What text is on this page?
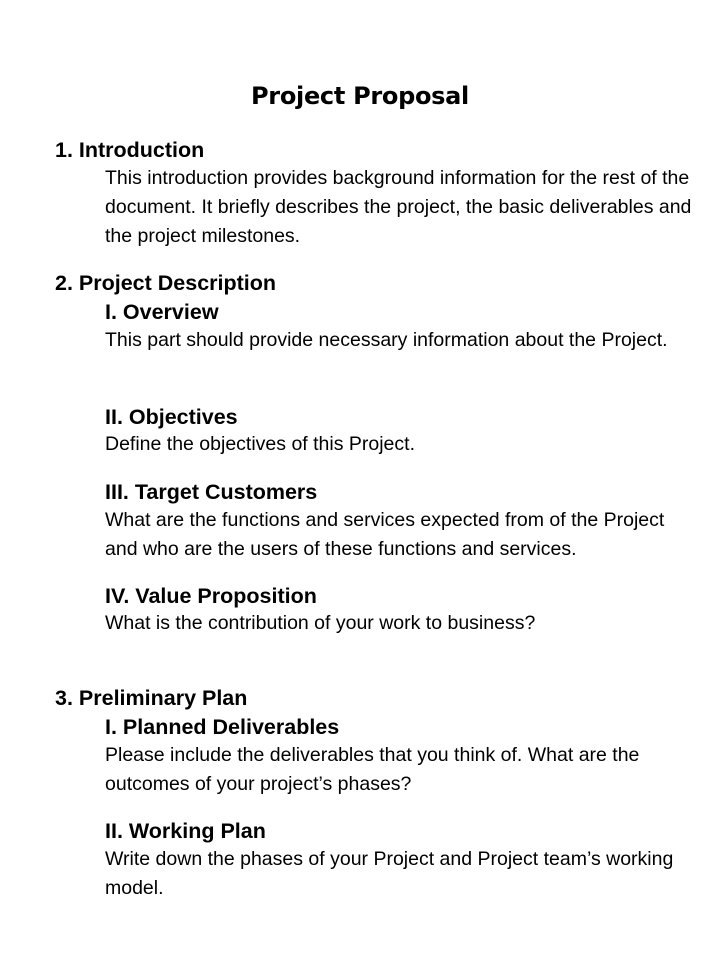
Project Proposal
1. Introduction

This introduction provides background information for the rest of the document. It briefly describes the project, the basic deliverables and the project milestones.

2. Project Description
I. Overview

This part should provide necessary information about the Project.

II. Objectives

Define the objectives of this Project.

III. Target Customers

What are the functions and services expected from of the Project and who are the users of these functions and services.

IV. Value Proposition

What is the contribution of your work to business?

3. Preliminary Plan
I. Planned Deliverables

Please include the deliverables that you think of. What are the outcomes of your project’s phases?

II. Working Plan

Write down the phases of your Project and Project team’s working model.
